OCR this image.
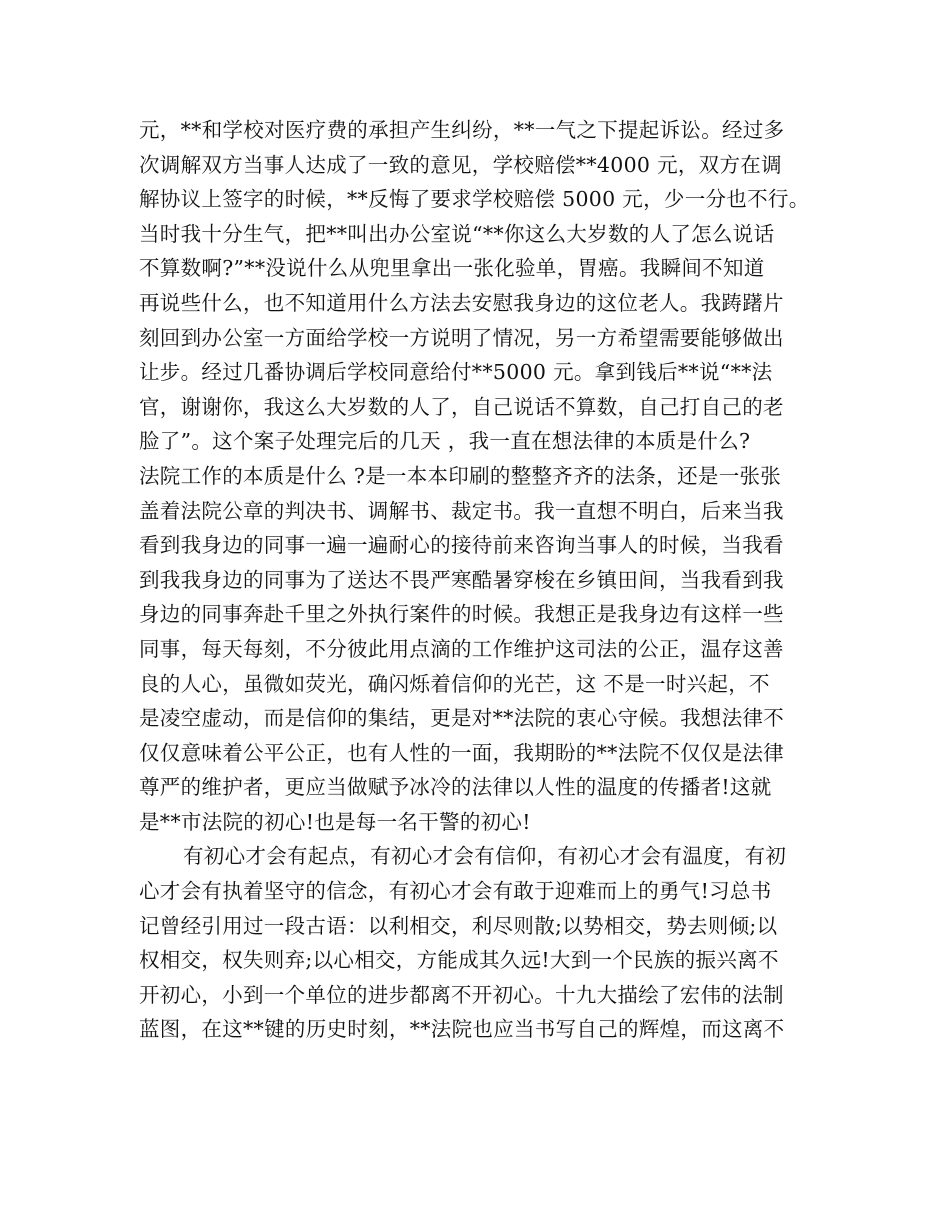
元，**和学校对医疗费的承担产生纠纷，**一气之下提起诉讼。经过多
次调解双方当事人达成了一致的意见，学校赔偿**4000 元，双方在调
解协议上签字的时候，**反悔了要求学校赔偿 5000 元，少一分也不行。
当时我十分生气，把**叫出办公室说“**你这么大岁数的人了怎么说话
不算数啊?”**没说什么从兜里拿出一张化验单，胃癌。我瞬间不知道
再说些什么，也不知道用什么方法去安慰我身边的这位老人。我踌躇片
刻回到办公室一方面给学校一方说明了情况，另一方希望需要能够做出
让步。经过几番协调后学校同意给付**5000 元。拿到钱后**说“**法
官，谢谢你，我这么大岁数的人了，自己说话不算数，自己打自己的老
脸了”。这个案子处理完后的几天 ，我一直在想法律的本质是什么?
法院工作的本质是什么 ?是一本本印刷的整整齐齐的法条，还是一张张
盖着法院公章的判决书、调解书、裁定书。我一直想不明白，后来当我
看到我身边的同事一遍一遍耐心的接待前来咨询当事人的时候，当我看
到我我身边的同事为了送达不畏严寒酷暑穿梭在乡镇田间，当我看到我
身边的同事奔赴千里之外执行案件的时候。我想正是我身边有这样一些
同事，每天每刻，不分彼此用点滴的工作维护这司法的公正，温存这善
良的人心，虽微如荧光，确闪烁着信仰的光芒，这 不是一时兴起，不
是凌空虚动，而是信仰的集结，更是对**法院的衷心守候。我想法律不
仅仅意味着公平公正，也有人性的一面，我期盼的**法院不仅仅是法律
尊严的维护者，更应当做赋予冰冷的法律以人性的温度的传播者!这就
是**市法院的初心!也是每一名干警的初心!
有初心才会有起点，有初心才会有信仰，有初心才会有温度，有初
心才会有执着坚守的信念，有初心才会有敢于迎难而上的勇气!习总书
记曾经引用过一段古语：以利相交，利尽则散;以势相交，势去则倾;以
权相交，权失则弃;以心相交，方能成其久远!大到一个民族的振兴离不
开初心，小到一个单位的进步都离不开初心。十九大描绘了宏伟的法制
蓝图，在这**键的历史时刻，**法院也应当书写自己的辉煌，而这离不
